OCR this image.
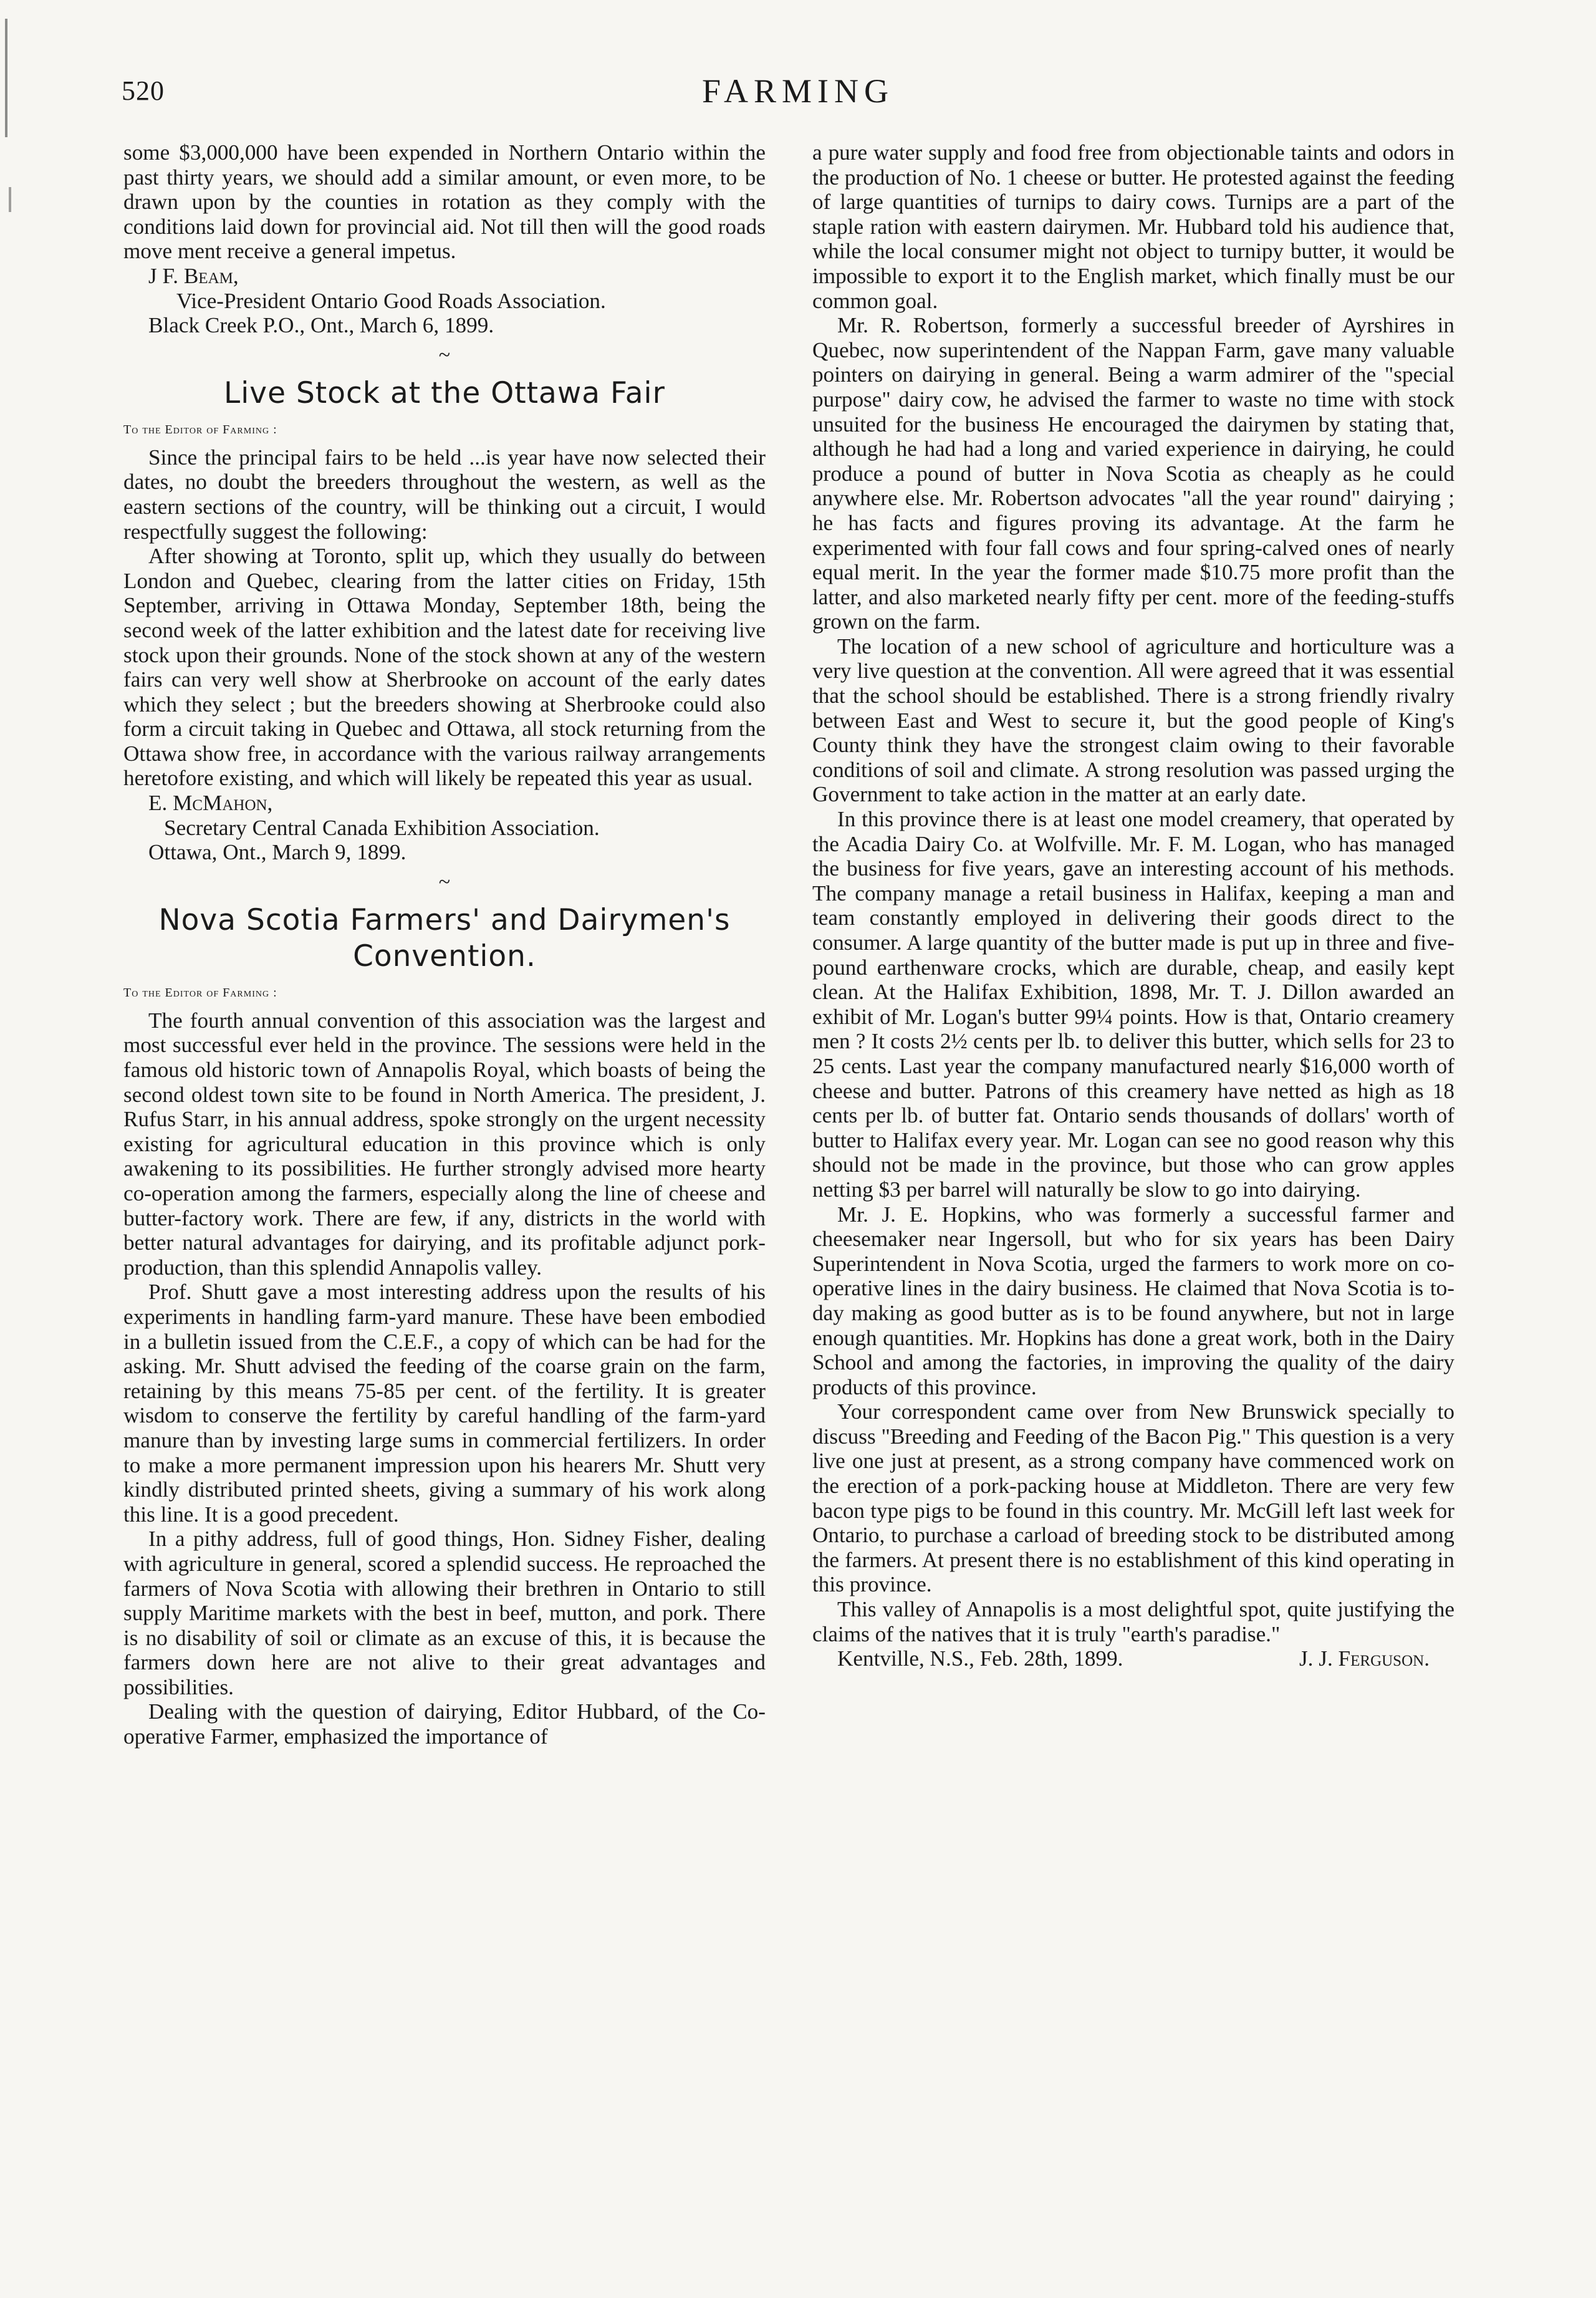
520	FARMING

some $3,000,000 have been expended in Northern Ontario within the past thirty years, we should add a similar amount, or even more, to be drawn upon by the counties in rotation as they comply with the conditions laid down for provincial aid. Not till then will the good roads move ment receive a general impetus.

J F. Beam,

Vice-President Ontario Good Roads Association.

Black Creek P.O., Ont., March 6, 1899.

~
Live Stock at the Ottawa Fair
To the Editor of Farming :

Since the principal fairs to be held ...is year have now selected their dates, no doubt the breeders throughout the western, as well as the eastern sections of the country, will be thinking out a circuit, I would respectfully suggest the following:

After showing at Toronto, split up, which they usually do between London and Quebec, clearing from the latter cities on Friday, 15th September, arriving in Ottawa Monday, September 18th, being the second week of the latter exhibition and the latest date for receiving live stock upon their grounds. None of the stock shown at any of the western fairs can very well show at Sherbrooke on account of the early dates which they select ; but the breeders showing at Sherbrooke could also form a circuit taking in Quebec and Ottawa, all stock returning from the Ottawa show free, in accordance with the various railway arrangements heretofore existing, and which will likely be repeated this year as usual.

E. McMahon,

Secretary Central Canada Exhibition Association.

Ottawa, Ont., March 9, 1899.

~
Nova Scotia Farmers' and Dairymen's Convention.
To the Editor of Farming :

The fourth annual convention of this association was the largest and most successful ever held in the province. The sessions were held in the famous old historic town of Annapolis Royal, which boasts of being the second oldest town site to be found in North America. The president, J. Rufus Starr, in his annual address, spoke strongly on the urgent necessity existing for agricultural education in this province which is only awakening to its possibilities. He further strongly advised more hearty co-operation among the farmers, especially along the line of cheese and butter-factory work. There are few, if any, districts in the world with better natural advantages for dairying, and its profitable adjunct pork-production, than this splendid Annapolis valley.

Prof. Shutt gave a most interesting address upon the results of his experiments in handling farm-yard manure. These have been embodied in a bulletin issued from the C.E.F., a copy of which can be had for the asking. Mr. Shutt advised the feeding of the coarse grain on the farm, retaining by this means 75-85 per cent. of the fertility. It is greater wisdom to conserve the fertility by careful handling of the farm-yard manure than by investing large sums in commercial fertilizers. In order to make a more permanent impression upon his hearers Mr. Shutt very kindly distributed printed sheets, giving a summary of his work along this line. It is a good precedent.

In a pithy address, full of good things, Hon. Sidney Fisher, dealing with agriculture in general, scored a splendid success. He reproached the farmers of Nova Scotia with allowing their brethren in Ontario to still supply Maritime markets with the best in beef, mutton, and pork. There is no disability of soil or climate as an excuse of this, it is because the farmers down here are not alive to their great advantages and possibilities.

Dealing with the question of dairying, Editor Hubbard, of the Co-operative Farmer, emphasized the importance of

a pure water supply and food free from objectionable taints and odors in the production of No. 1 cheese or butter. He protested against the feeding of large quantities of turnips to dairy cows. Turnips are a part of the staple ration with eastern dairymen. Mr. Hubbard told his audience that, while the local consumer might not object to turnipy butter, it would be impossible to export it to the English market, which finally must be our common goal.

Mr. R. Robertson, formerly a successful breeder of Ayrshires in Quebec, now superintendent of the Nappan Farm, gave many valuable pointers on dairying in general. Being a warm admirer of the "special purpose" dairy cow, he advised the farmer to waste no time with stock unsuited for the business He encouraged the dairymen by stating that, although he had had a long and varied experience in dairying, he could produce a pound of butter in Nova Scotia as cheaply as he could anywhere else. Mr. Robertson advocates "all the year round" dairying ; he has facts and figures proving its advantage. At the farm he experimented with four fall cows and four spring-calved ones of nearly equal merit. In the year the former made $10.75 more profit than the latter, and also marketed nearly fifty per cent. more of the feeding-stuffs grown on the farm.

The location of a new school of agriculture and horticulture was a very live question at the convention. All were agreed that it was essential that the school should be established. There is a strong friendly rivalry between East and West to secure it, but the good people of King's County think they have the strongest claim owing to their favorable conditions of soil and climate. A strong resolution was passed urging the Government to take action in the matter at an early date.

In this province there is at least one model creamery, that operated by the Acadia Dairy Co. at Wolfville. Mr. F. M. Logan, who has managed the business for five years, gave an interesting account of his methods. The company manage a retail business in Halifax, keeping a man and team constantly employed in delivering their goods direct to the consumer. A large quantity of the butter made is put up in three and five-pound earthenware crocks, which are durable, cheap, and easily kept clean. At the Halifax Exhibition, 1898, Mr. T. J. Dillon awarded an exhibit of Mr. Logan's butter 99¼ points. How is that, Ontario creamery men ? It costs 2½ cents per lb. to deliver this butter, which sells for 23 to 25 cents. Last year the company manufactured nearly $16,000 worth of cheese and butter. Patrons of this creamery have netted as high as 18 cents per lb. of butter fat. Ontario sends thousands of dollars' worth of butter to Halifax every year. Mr. Logan can see no good reason why this should not be made in the province, but those who can grow apples netting $3 per barrel will naturally be slow to go into dairying.

Mr. J. E. Hopkins, who was formerly a successful farmer and cheesemaker near Ingersoll, but who for six years has been Dairy Superintendent in Nova Scotia, urged the farmers to work more on co-operative lines in the dairy business. He claimed that Nova Scotia is to-day making as good butter as is to be found anywhere, but not in large enough quantities. Mr. Hopkins has done a great work, both in the Dairy School and among the factories, in improving the quality of the dairy products of this province.

Your correspondent came over from New Brunswick specially to discuss "Breeding and Feeding of the Bacon Pig." This question is a very live one just at present, as a strong company have commenced work on the erection of a pork-packing house at Middleton. There are very few bacon type pigs to be found in this country. Mr. McGill left last week for Ontario, to purchase a carload of breeding stock to be distributed among the farmers. At present there is no establishment of this kind operating in this province.

This valley of Annapolis is a most delightful spot, quite justifying the claims of the natives that it is truly "earth's paradise."

Kentville, N.S., Feb. 28th, 1899.	J. J. Ferguson.
